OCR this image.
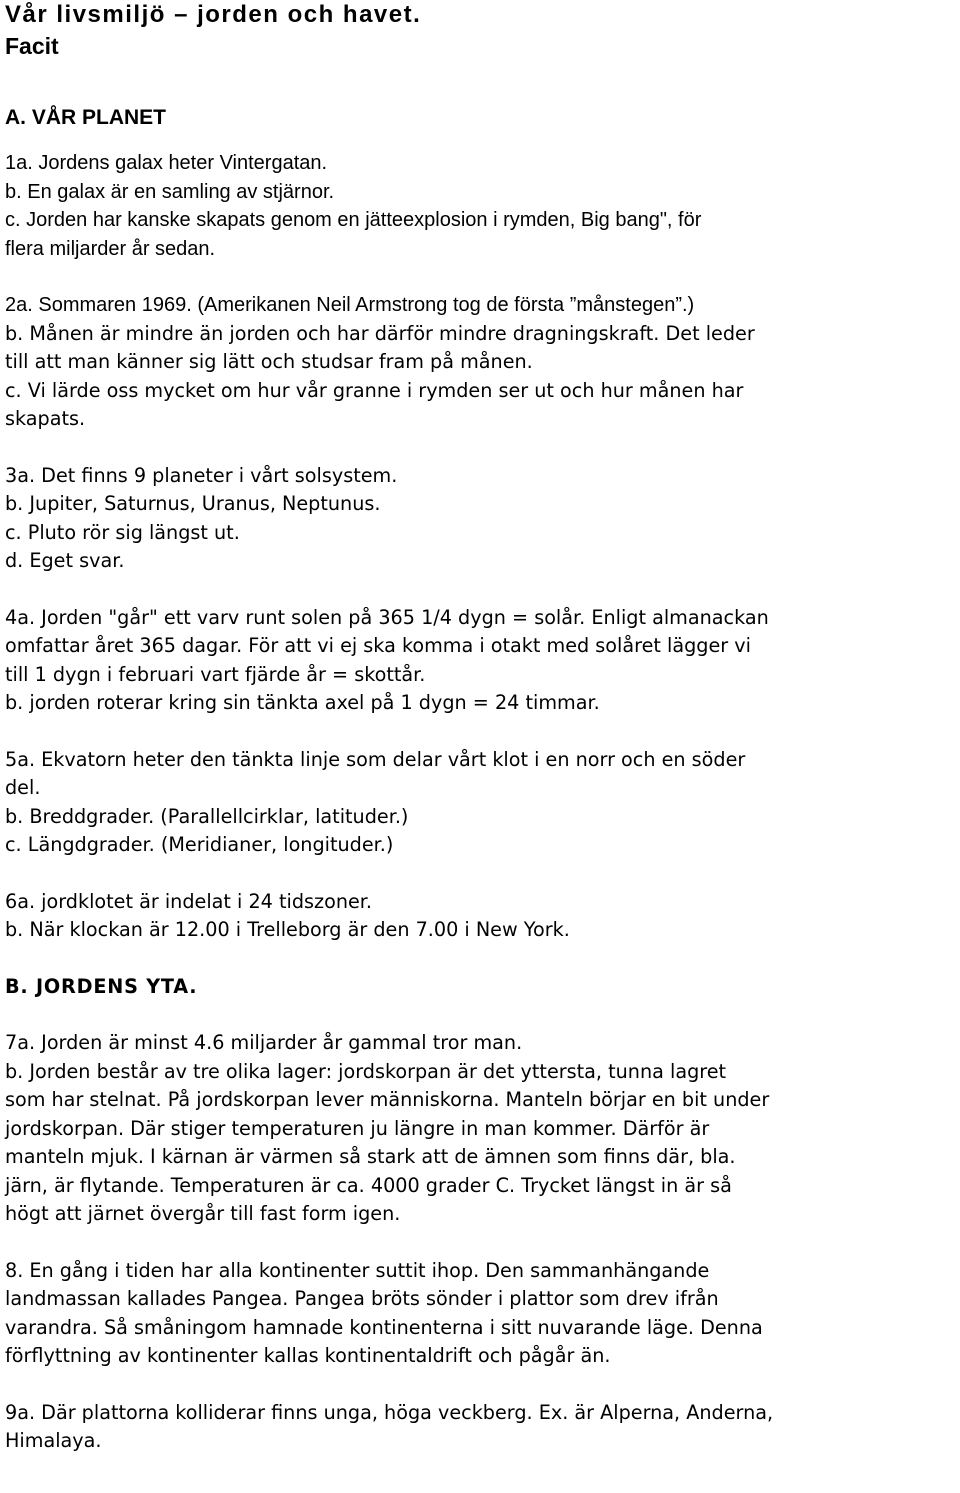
Vår livsmiljö – jorden och havet.
Facit
A. VÅR PLANET
1a. Jordens galax heter Vintergatan.
b. En galax är en samling av stjärnor.
c. Jorden har kanske skapats genom en jätteexplosion i rymden, Big bang", för
flera miljarder år sedan.
2a. Sommaren 1969. (Amerikanen Neil Armstrong tog de första ”månstegen”.)
b. Månen är mindre än jorden och har därför mindre dragningskraft. Det leder
till att man känner sig lätt och studsar fram på månen.
c. Vi lärde oss mycket om hur vår granne i rymden ser ut och hur månen har
skapats.
3a. Det finns 9 planeter i vårt solsystem.
b. Jupiter, Saturnus, Uranus, Neptunus.
c. Pluto rör sig längst ut.
d. Eget svar.
4a. Jorden "går" ett varv runt solen på 365 1/4 dygn = solår. Enligt almanackan
omfattar året 365 dagar. För att vi ej ska komma i otakt med solåret lägger vi
till 1 dygn i februari vart fjärde år = skottår.
b. jorden roterar kring sin tänkta axel på 1 dygn = 24 timmar.
5a. Ekvatorn heter den tänkta linje som delar vårt klot i en norr och en söder
del.
b. Breddgrader. (Parallellcirklar, latituder.)
c. Längdgrader. (Meridianer, longituder.)
6a. jordklotet är indelat i 24 tidszoner.
b. När klockan är 12.00 i Trelleborg är den 7.00 i New York.
B. JORDENS YTA.
7a. Jorden är minst 4.6 miljarder år gammal tror man.
b. Jorden består av tre olika lager: jordskorpan är det yttersta, tunna lagret
som har stelnat. På jordskorpan lever människorna. Manteln börjar en bit under
jordskorpan. Där stiger temperaturen ju längre in man kommer. Därför är
manteln mjuk. I kärnan är värmen så stark att de ämnen som finns där, bla.
järn, är flytande. Temperaturen är ca. 4000 grader C. Trycket längst in är så
högt att järnet övergår till fast form igen.
8. En gång i tiden har alla kontinenter suttit ihop. Den sammanhängande
landmassan kallades Pangea. Pangea bröts sönder i plattor som drev ifrån
varandra. Så småningom hamnade kontinenterna i sitt nuvarande läge. Denna
förflyttning av kontinenter kallas kontinentaldrift och pågår än.
9a. Där plattorna kolliderar finns unga, höga veckberg. Ex. är Alperna, Anderna,
Himalaya.
